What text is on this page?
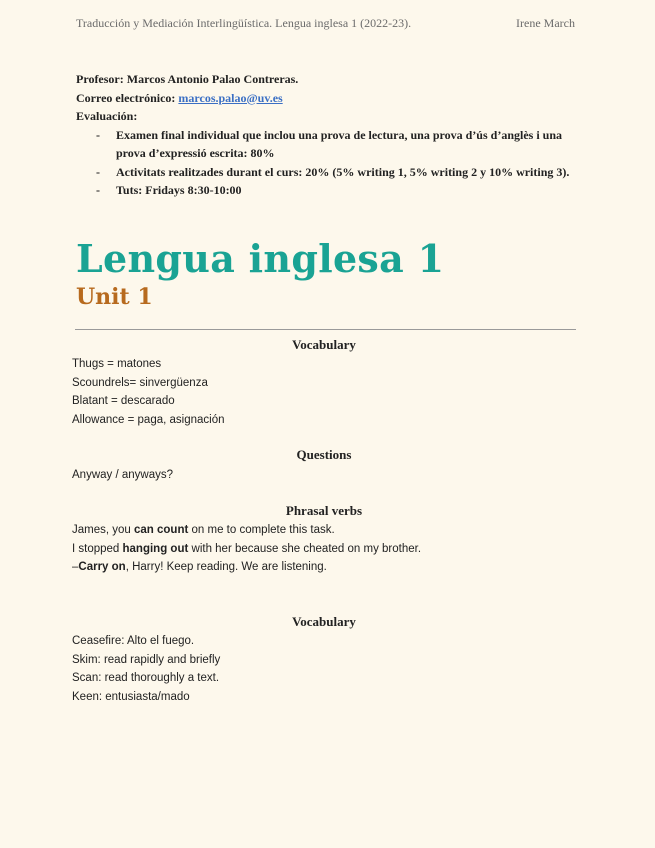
Traducción y Mediación Interlingüística. Lengua inglesa 1 (2022-23).	Irene March
Profesor: Marcos Antonio Palao Contreras.
Correo electrónico: marcos.palao@uv.es
Evaluación:
- Examen final individual que inclou una prova de lectura, una prova d’ús d’anglès i una prova d’expressió escrita: 80%
- Activitats realitzades durant el curs: 20% (5% writing 1, 5% writing 2 y 10% writing 3).
- Tuts: Fridays 8:30-10:00
Lengua inglesa 1
Unit 1
Vocabulary
Thugs = matones
Scoundrels= sinvergüenza
Blatant = descarado
Allowance = paga, asignación
Questions
Anyway / anyways?
Phrasal verbs
James, you can count on me to complete this task.
I stopped hanging out with her because she cheated on my brother.
–Carry on, Harry! Keep reading. We are listening.
Vocabulary
Ceasefire: Alto el fuego.
Skim: read rapidly and briefly
Scan: read thoroughly a text.
Keen: entusiasta/mado
